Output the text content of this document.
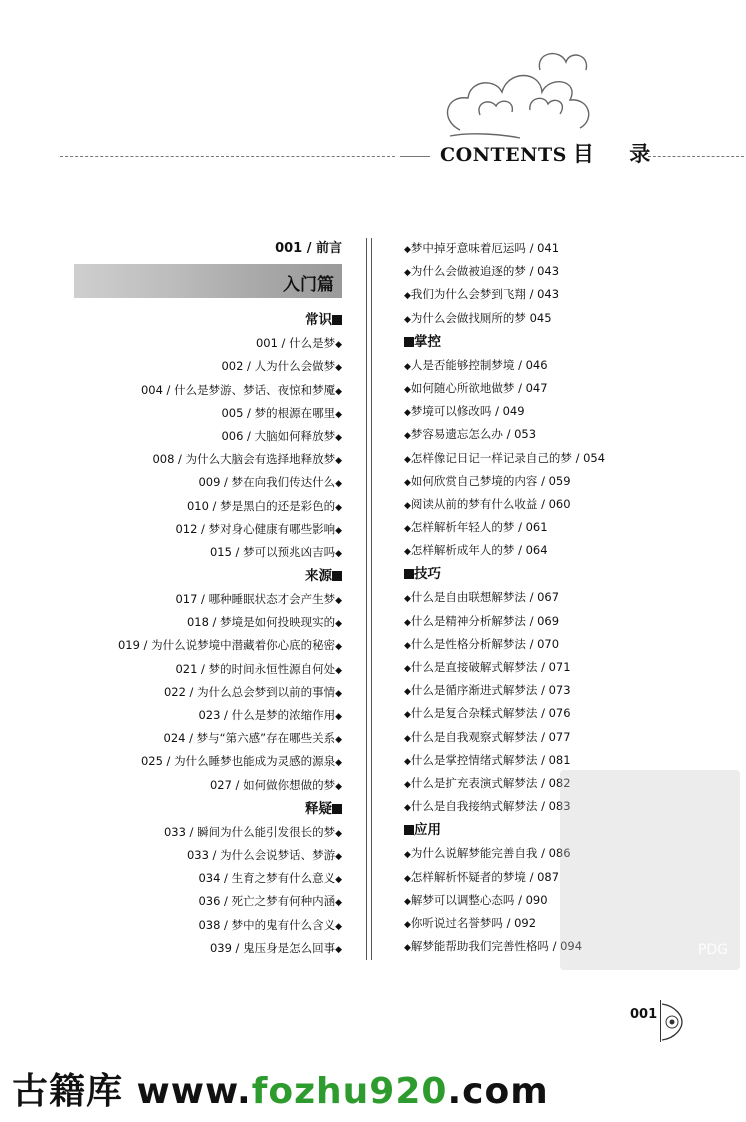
CONTENTS 目 录
001 / 前言
入门篇
常识
001 / 什么是梦◆
002 / 人为什么会做梦◆
004 / 什么是梦游、梦话、夜惊和梦魇◆
005 / 梦的根源在哪里◆
006 / 大脑如何释放梦◆
008 / 为什么大脑会有选择地释放梦◆
009 / 梦在向我们传达什么◆
010 / 梦是黑白的还是彩色的◆
012 / 梦对身心健康有哪些影响◆
015 / 梦可以预兆凶吉吗◆
来源
017 / 哪种睡眠状态才会产生梦◆
018 / 梦境是如何投映现实的◆
019 / 为什么说梦境中潜藏着你心底的秘密◆
021 / 梦的时间永恒性源自何处◆
022 / 为什么总会梦到以前的事情◆
023 / 什么是梦的浓缩作用◆
024 / 梦与“第六感”存在哪些关系◆
025 / 为什么睡梦也能成为灵感的源泉◆
027 / 如何做你想做的梦◆
释疑
033 / 瞬间为什么能引发很长的梦◆
033 / 为什么会说梦话、梦游◆
034 / 生育之梦有什么意义◆
036 / 死亡之梦有何种内涵◆
038 / 梦中的鬼有什么含义◆
039 / 鬼压身是怎么回事◆
◆梦中掉牙意味着厄运吗 / 041
◆为什么会做被追逐的梦 / 043
◆我们为什么会梦到飞翔 / 043
◆为什么会做找厕所的梦 045
掌控
◆人是否能够控制梦境 / 046
◆如何随心所欲地做梦 / 047
◆梦境可以修改吗 / 049
◆梦容易遗忘怎么办 / 053
◆怎样像记日记一样记录自己的梦 / 054
◆如何欣赏自己梦境的内容 / 059
◆阅读从前的梦有什么收益 / 060
◆怎样解析年轻人的梦 / 061
◆怎样解析成年人的梦 / 064
技巧
◆什么是自由联想解梦法 / 067
◆什么是精神分析解梦法 / 069
◆什么是性格分析解梦法 / 070
◆什么是直接破解式解梦法 / 071
◆什么是循序渐进式解梦法 / 073
◆什么是复合杂糅式解梦法 / 076
◆什么是自我观察式解梦法 / 077
◆什么是掌控情绪式解梦法 / 081
◆什么是扩充表演式解梦法 / 082
◆什么是自我接纳式解梦法 / 083
应用
◆为什么说解梦能完善自我 / 086
◆怎样解析怀疑者的梦境 / 087
◆解梦可以调整心态吗 / 090
◆你听说过名誉梦吗 / 092
◆解梦能帮助我们完善性格吗 / 094	PDG
001
古籍库 www.fozhu920.com
